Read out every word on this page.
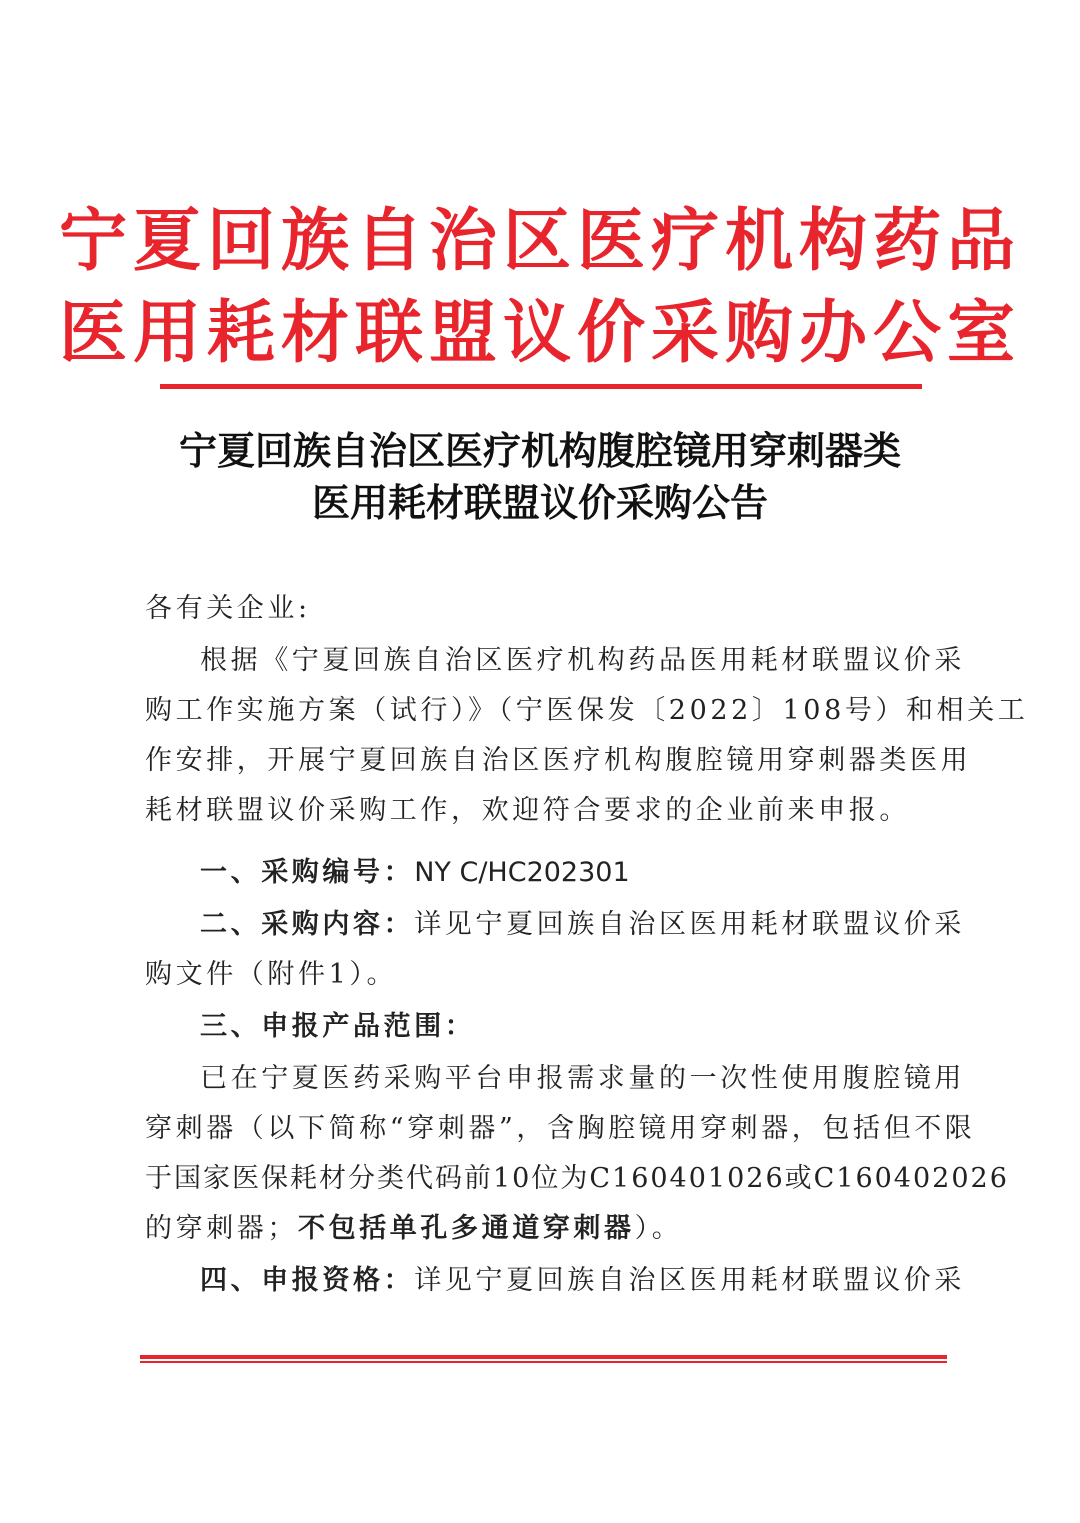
宁夏回族自治区医疗机构药品
医用耗材联盟议价采购办公室
宁夏回族自治区医疗机构腹腔镜用穿刺器类
医用耗材联盟议价采购公告
各有关企业:
根据《宁夏回族自治区医疗机构药品医用耗材联盟议价采
购工作实施方案（试行）》（宁医保发〔2022〕108号）和相关工
作安排，开展宁夏回族自治区医疗机构腹腔镜用穿刺器类医用
耗材联盟议价采购工作，欢迎符合要求的企业前来申报。
一、采购编号：NY C/HC202301
二、采购内容：详见宁夏回族自治区医用耗材联盟议价采
购文件（附件1）。
三、申报产品范围：
已在宁夏医药采购平台申报需求量的一次性使用腹腔镜用
穿刺器（以下简称“穿刺器”，含胸腔镜用穿刺器，包括但不限
于国家医保耗材分类代码前10位为C160401026或C160402026
的穿刺器；不包括单孔多通道穿刺器）。
四、申报资格：详见宁夏回族自治区医用耗材联盟议价采
